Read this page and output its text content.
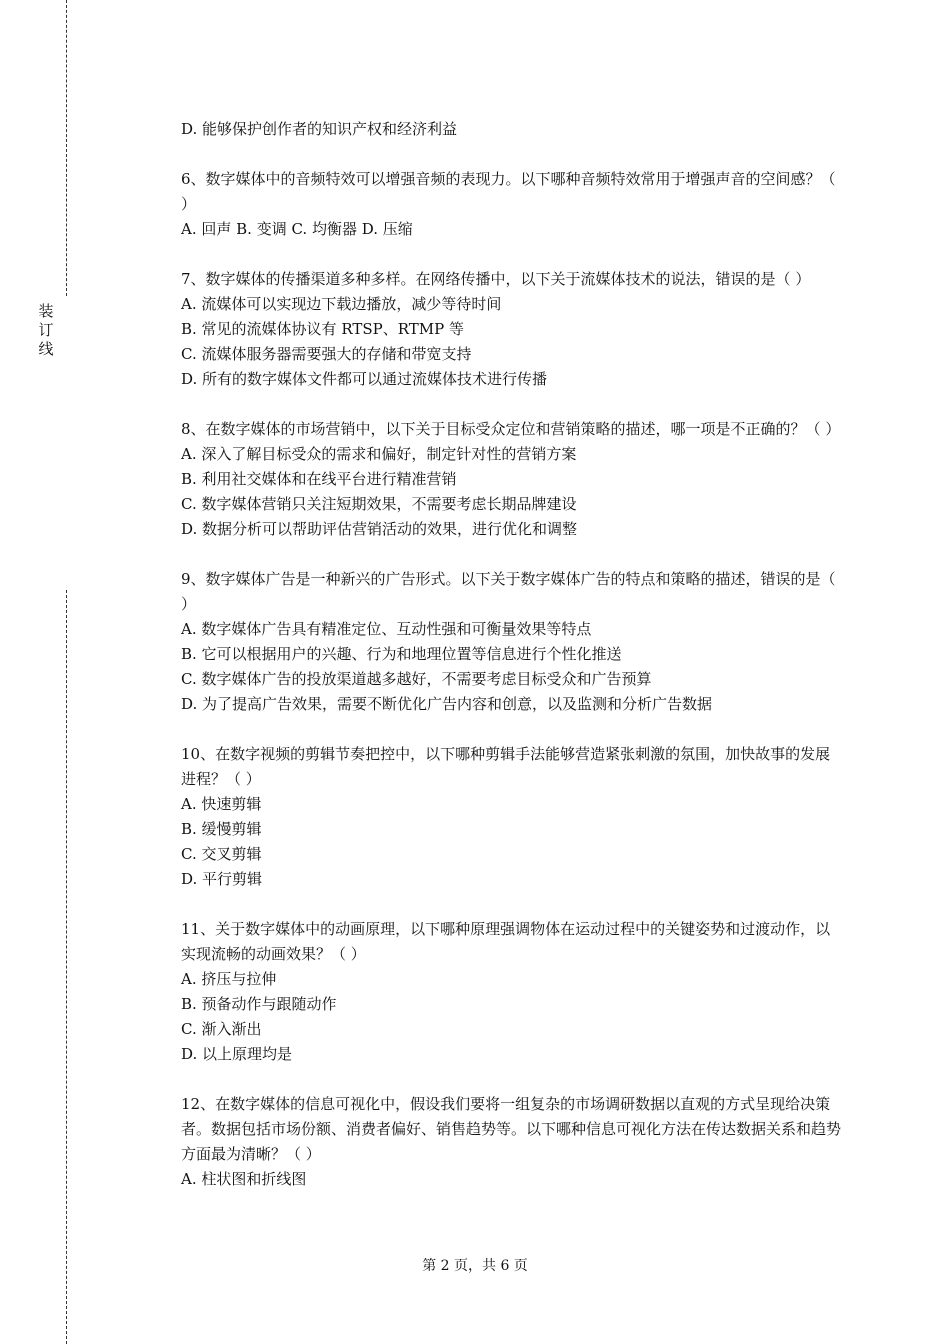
装
订
线
D. 能够保护创作者的知识产权和经济利益
6、数字媒体中的音频特效可以增强音频的表现力。以下哪种音频特效常用于增强声音的空间感？（ ）
A. 回声 B. 变调 C. 均衡器 D. 压缩
7、数字媒体的传播渠道多种多样。在网络传播中，以下关于流媒体技术的说法，错误的是（ ）
A. 流媒体可以实现边下载边播放，减少等待时间
B. 常见的流媒体协议有 RTSP、RTMP 等
C. 流媒体服务器需要强大的存储和带宽支持
D. 所有的数字媒体文件都可以通过流媒体技术进行传播
8、在数字媒体的市场营销中，以下关于目标受众定位和营销策略的描述，哪一项是不正确的？（ ）
A. 深入了解目标受众的需求和偏好，制定针对性的营销方案
B. 利用社交媒体和在线平台进行精准营销
C. 数字媒体营销只关注短期效果，不需要考虑长期品牌建设
D. 数据分析可以帮助评估营销活动的效果，进行优化和调整
9、数字媒体广告是一种新兴的广告形式。以下关于数字媒体广告的特点和策略的描述，错误的是（ ）
A. 数字媒体广告具有精准定位、互动性强和可衡量效果等特点
B. 它可以根据用户的兴趣、行为和地理位置等信息进行个性化推送
C. 数字媒体广告的投放渠道越多越好，不需要考虑目标受众和广告预算
D. 为了提高广告效果，需要不断优化广告内容和创意，以及监测和分析广告数据
10、在数字视频的剪辑节奏把控中，以下哪种剪辑手法能够营造紧张刺激的氛围，加快故事的发展进程？（ ）
A. 快速剪辑
B. 缓慢剪辑
C. 交叉剪辑
D. 平行剪辑
11、关于数字媒体中的动画原理，以下哪种原理强调物体在运动过程中的关键姿势和过渡动作，以实现流畅的动画效果？（ ）
A. 挤压与拉伸
B. 预备动作与跟随动作
C. 渐入渐出
D. 以上原理均是
12、在数字媒体的信息可视化中，假设我们要将一组复杂的市场调研数据以直观的方式呈现给决策者。数据包括市场份额、消费者偏好、销售趋势等。以下哪种信息可视化方法在传达数据关系和趋势方面最为清晰？（ ）
A. 柱状图和折线图
第 2 页，共 6 页
